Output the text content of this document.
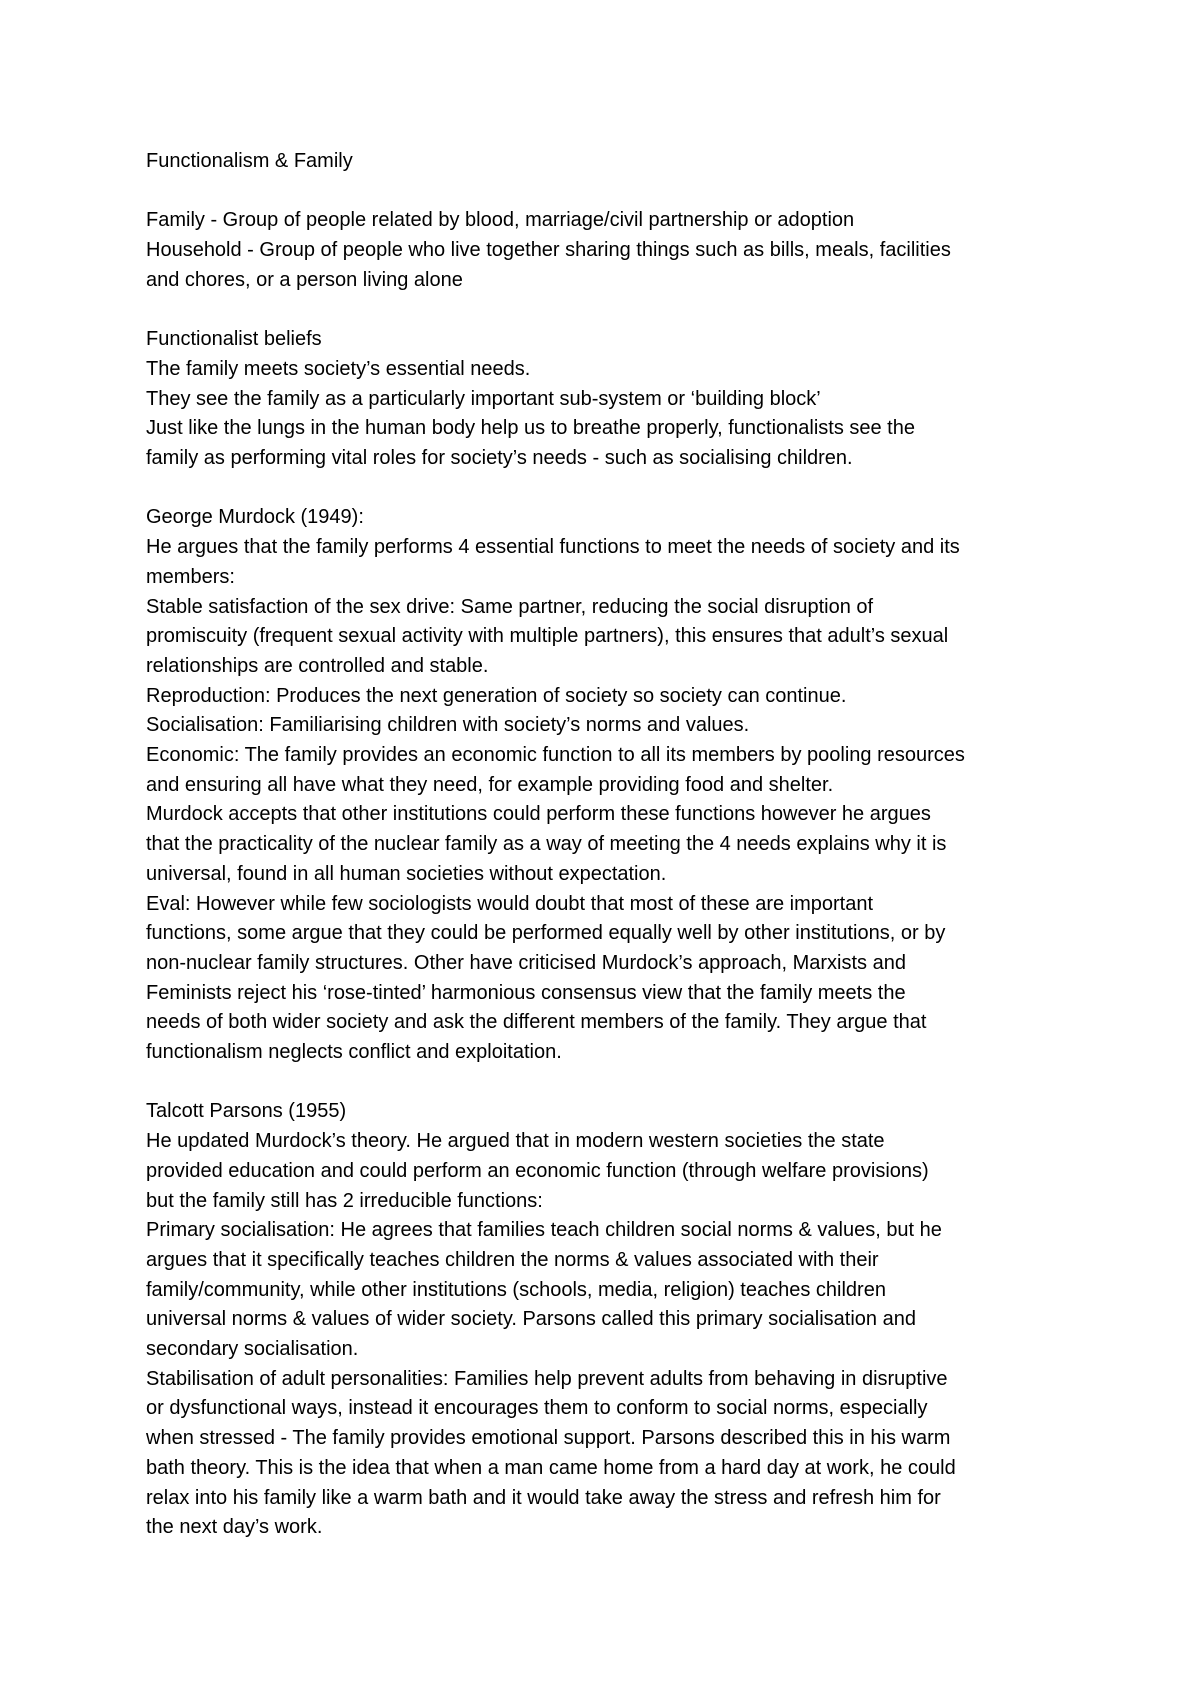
Functionalism & Family

Family - Group of people related by blood, marriage/civil partnership or adoption
Household - Group of people who live together sharing things such as bills, meals, facilities
and chores, or a person living alone

Functionalist beliefs
The family meets society’s essential needs.
They see the family as a particularly important sub-system or ‘building block’
Just like the lungs in the human body help us to breathe properly, functionalists see the
family as performing vital roles for society’s needs - such as socialising children.

George Murdock (1949):
He argues that the family performs 4 essential functions to meet the needs of society and its
members:
Stable satisfaction of the sex drive: Same partner, reducing the social disruption of
promiscuity (frequent sexual activity with multiple partners), this ensures that adult’s sexual
relationships are controlled and stable.
Reproduction: Produces the next generation of society so society can continue.
Socialisation: Familiarising children with society’s norms and values.
Economic: The family provides an economic function to all its members by pooling resources
and ensuring all have what they need, for example providing food and shelter.
Murdock accepts that other institutions could perform these functions however he argues
that the practicality of the nuclear family as a way of meeting the 4 needs explains why it is
universal, found in all human societies without expectation.
Eval: However while few sociologists would doubt that most of these are important
functions, some argue that they could be performed equally well by other institutions, or by
non-nuclear family structures. Other have criticised Murdock’s approach, Marxists and
Feminists reject his ‘rose-tinted’ harmonious consensus view that the family meets the
needs of both wider society and ask the different members of the family. They argue that
functionalism neglects conflict and exploitation.

Talcott Parsons (1955)
He updated Murdock’s theory. He argued that in modern western societies the state
provided education and could perform an economic function (through welfare provisions)
but the family still has 2 irreducible functions:
Primary socialisation: He agrees that families teach children social norms & values, but he
argues that it specifically teaches children the norms & values associated with their
family/community, while other institutions (schools, media, religion) teaches children
universal norms & values of wider society. Parsons called this primary socialisation and
secondary socialisation.
Stabilisation of adult personalities: Families help prevent adults from behaving in disruptive
or dysfunctional ways, instead it encourages them to conform to social norms, especially
when stressed - The family provides emotional support. Parsons described this in his warm
bath theory. This is the idea that when a man came home from a hard day at work, he could
relax into his family like a warm bath and it would take away the stress and refresh him for
the next day’s work.
